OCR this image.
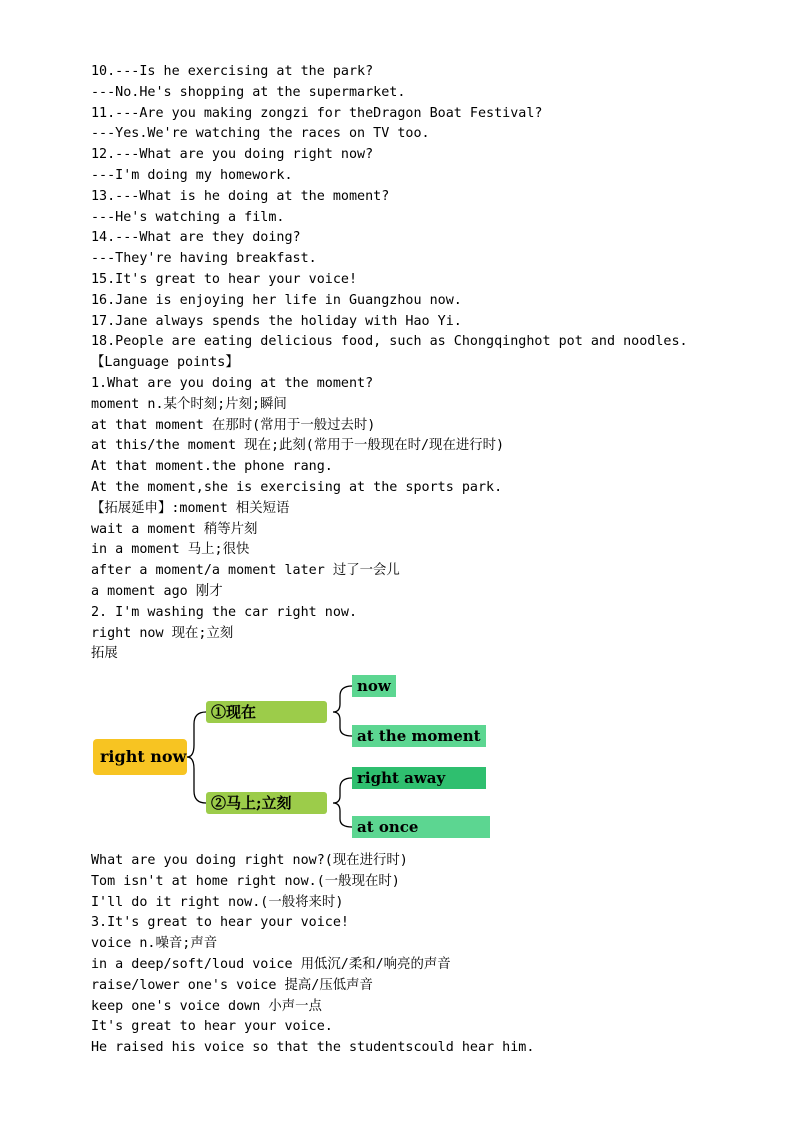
10.---Is he exercising at the park?
---No.He's shopping at the supermarket.
11.---Are you making zongzi for theDragon Boat Festival?
---Yes.We're watching the races on TV too.
12.---What are you doing right now?
---I'm doing my homework.
13.---What is he doing at the moment?
---He's watching a film.
14.---What are they doing?
---They're having breakfast.
15.It's great to hear your voice!
16.Jane is enjoying her life in Guangzhou now.
17.Jane always spends the holiday with Hao Yi.
18.People are eating delicious food, such as Chongqinghot pot and noodles.
【Language points】
1.What are you doing at the moment?
moment n.某个时刻;片刻;瞬间
at that moment 在那时(常用于一般过去时)
at this/the moment 现在;此刻(常用于一般现在时/现在进行时)
At that moment.the phone rang.
At the moment,she is exercising at the sports park.
【拓展延申】:moment 相关短语
wait a moment 稍等片刻
in a moment 马上;很快
after a moment/a moment later 过了一会儿
a moment ago 刚才
2. I'm washing the car right now.
right now 现在;立刻
拓展
right now
①现在
②马上;立刻
now
at the moment
right away
at once
What are you doing right now?(现在进行时)
Tom isn't at home right now.(一般现在时)
I'll do it right now.(一般将来时)
3.It's great to hear your voice!
voice n.噪音;声音
in a deep/soft/loud voice 用低沉/柔和/响亮的声音
raise/lower one's voice 提高/压低声音
keep one's voice down 小声一点
It's great to hear your voice.
He raised his voice so that the studentscould hear him.
